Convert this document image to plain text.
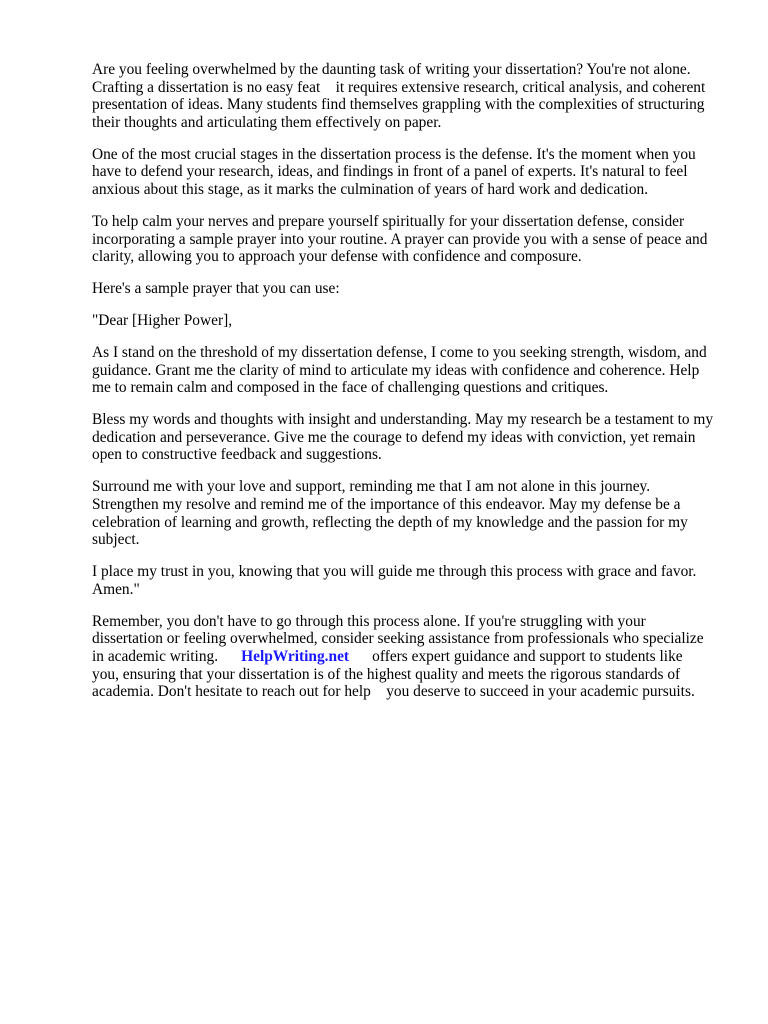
Are you feeling overwhelmed by the daunting task of writing your dissertation? You're not alone.
Crafting a dissertation is no easy feat    it requires extensive research, critical analysis, and coherent
presentation of ideas. Many students find themselves grappling with the complexities of structuring
their thoughts and articulating them effectively on paper.
One of the most crucial stages in the dissertation process is the defense. It's the moment when you
have to defend your research, ideas, and findings in front of a panel of experts. It's natural to feel
anxious about this stage, as it marks the culmination of years of hard work and dedication.
To help calm your nerves and prepare yourself spiritually for your dissertation defense, consider
incorporating a sample prayer into your routine. A prayer can provide you with a sense of peace and
clarity, allowing you to approach your defense with confidence and composure.
Here's a sample prayer that you can use:
"Dear [Higher Power],
As I stand on the threshold of my dissertation defense, I come to you seeking strength, wisdom, and
guidance. Grant me the clarity of mind to articulate my ideas with confidence and coherence. Help
me to remain calm and composed in the face of challenging questions and critiques.
Bless my words and thoughts with insight and understanding. May my research be a testament to my
dedication and perseverance. Give me the courage to defend my ideas with conviction, yet remain
open to constructive feedback and suggestions.
Surround me with your love and support, reminding me that I am not alone in this journey.
Strengthen my resolve and remind me of the importance of this endeavor. May my defense be a
celebration of learning and growth, reflecting the depth of my knowledge and the passion for my
subject.
I place my trust in you, knowing that you will guide me through this process with grace and favor.
Amen."
Remember, you don't have to go through this process alone. If you're struggling with your
dissertation or feeling overwhelmed, consider seeking assistance from professionals who specialize
in academic writing.      HelpWriting.net      offers expert guidance and support to students like
you, ensuring that your dissertation is of the highest quality and meets the rigorous standards of
academia. Don't hesitate to reach out for help    you deserve to succeed in your academic pursuits.
